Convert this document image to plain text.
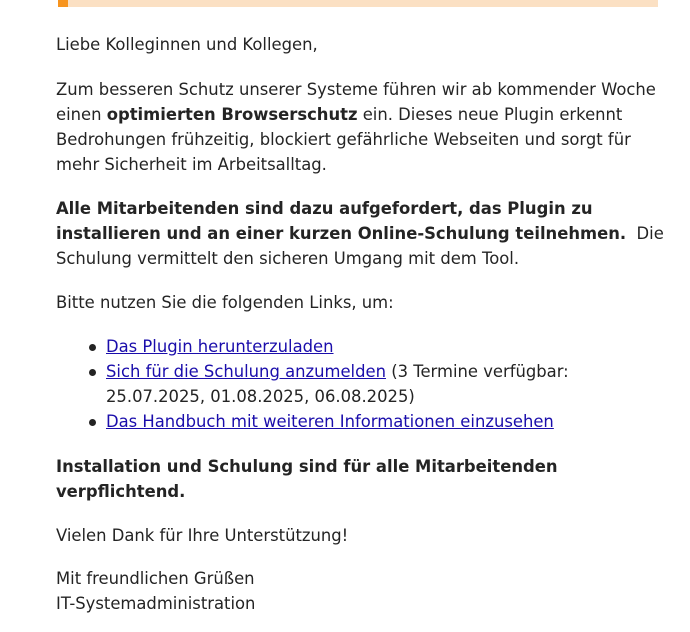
Liebe Kolleginnen und Kollegen,

Zum besseren Schutz unserer Systeme führen wir ab kommender Woche einen optimierten Browserschutz ein. Dieses neue Plugin erkennt Bedrohungen frühzeitig, blockiert gefährliche Webseiten und sorgt für mehr Sicherheit im Arbeitsalltag.

Alle Mitarbeitenden sind dazu aufgefordert, das Plugin zu installieren und an einer kurzen Online-Schulung teilnehmen.  Die Schulung vermittelt den sicheren Umgang mit dem Tool.

Bitte nutzen Sie die folgenden Links, um:

Das Plugin herunterzuladen
Sich für die Schulung anzumelden (3 Termine verfügbar: 25.07.2025, 01.08.2025, 06.08.2025)
Das Handbuch mit weiteren Informationen einzusehen

Installation und Schulung sind für alle Mitarbeitenden verpflichtend.

Vielen Dank für Ihre Unterstützung!

Mit freundlichen Grüßen
IT-Systemadministration
